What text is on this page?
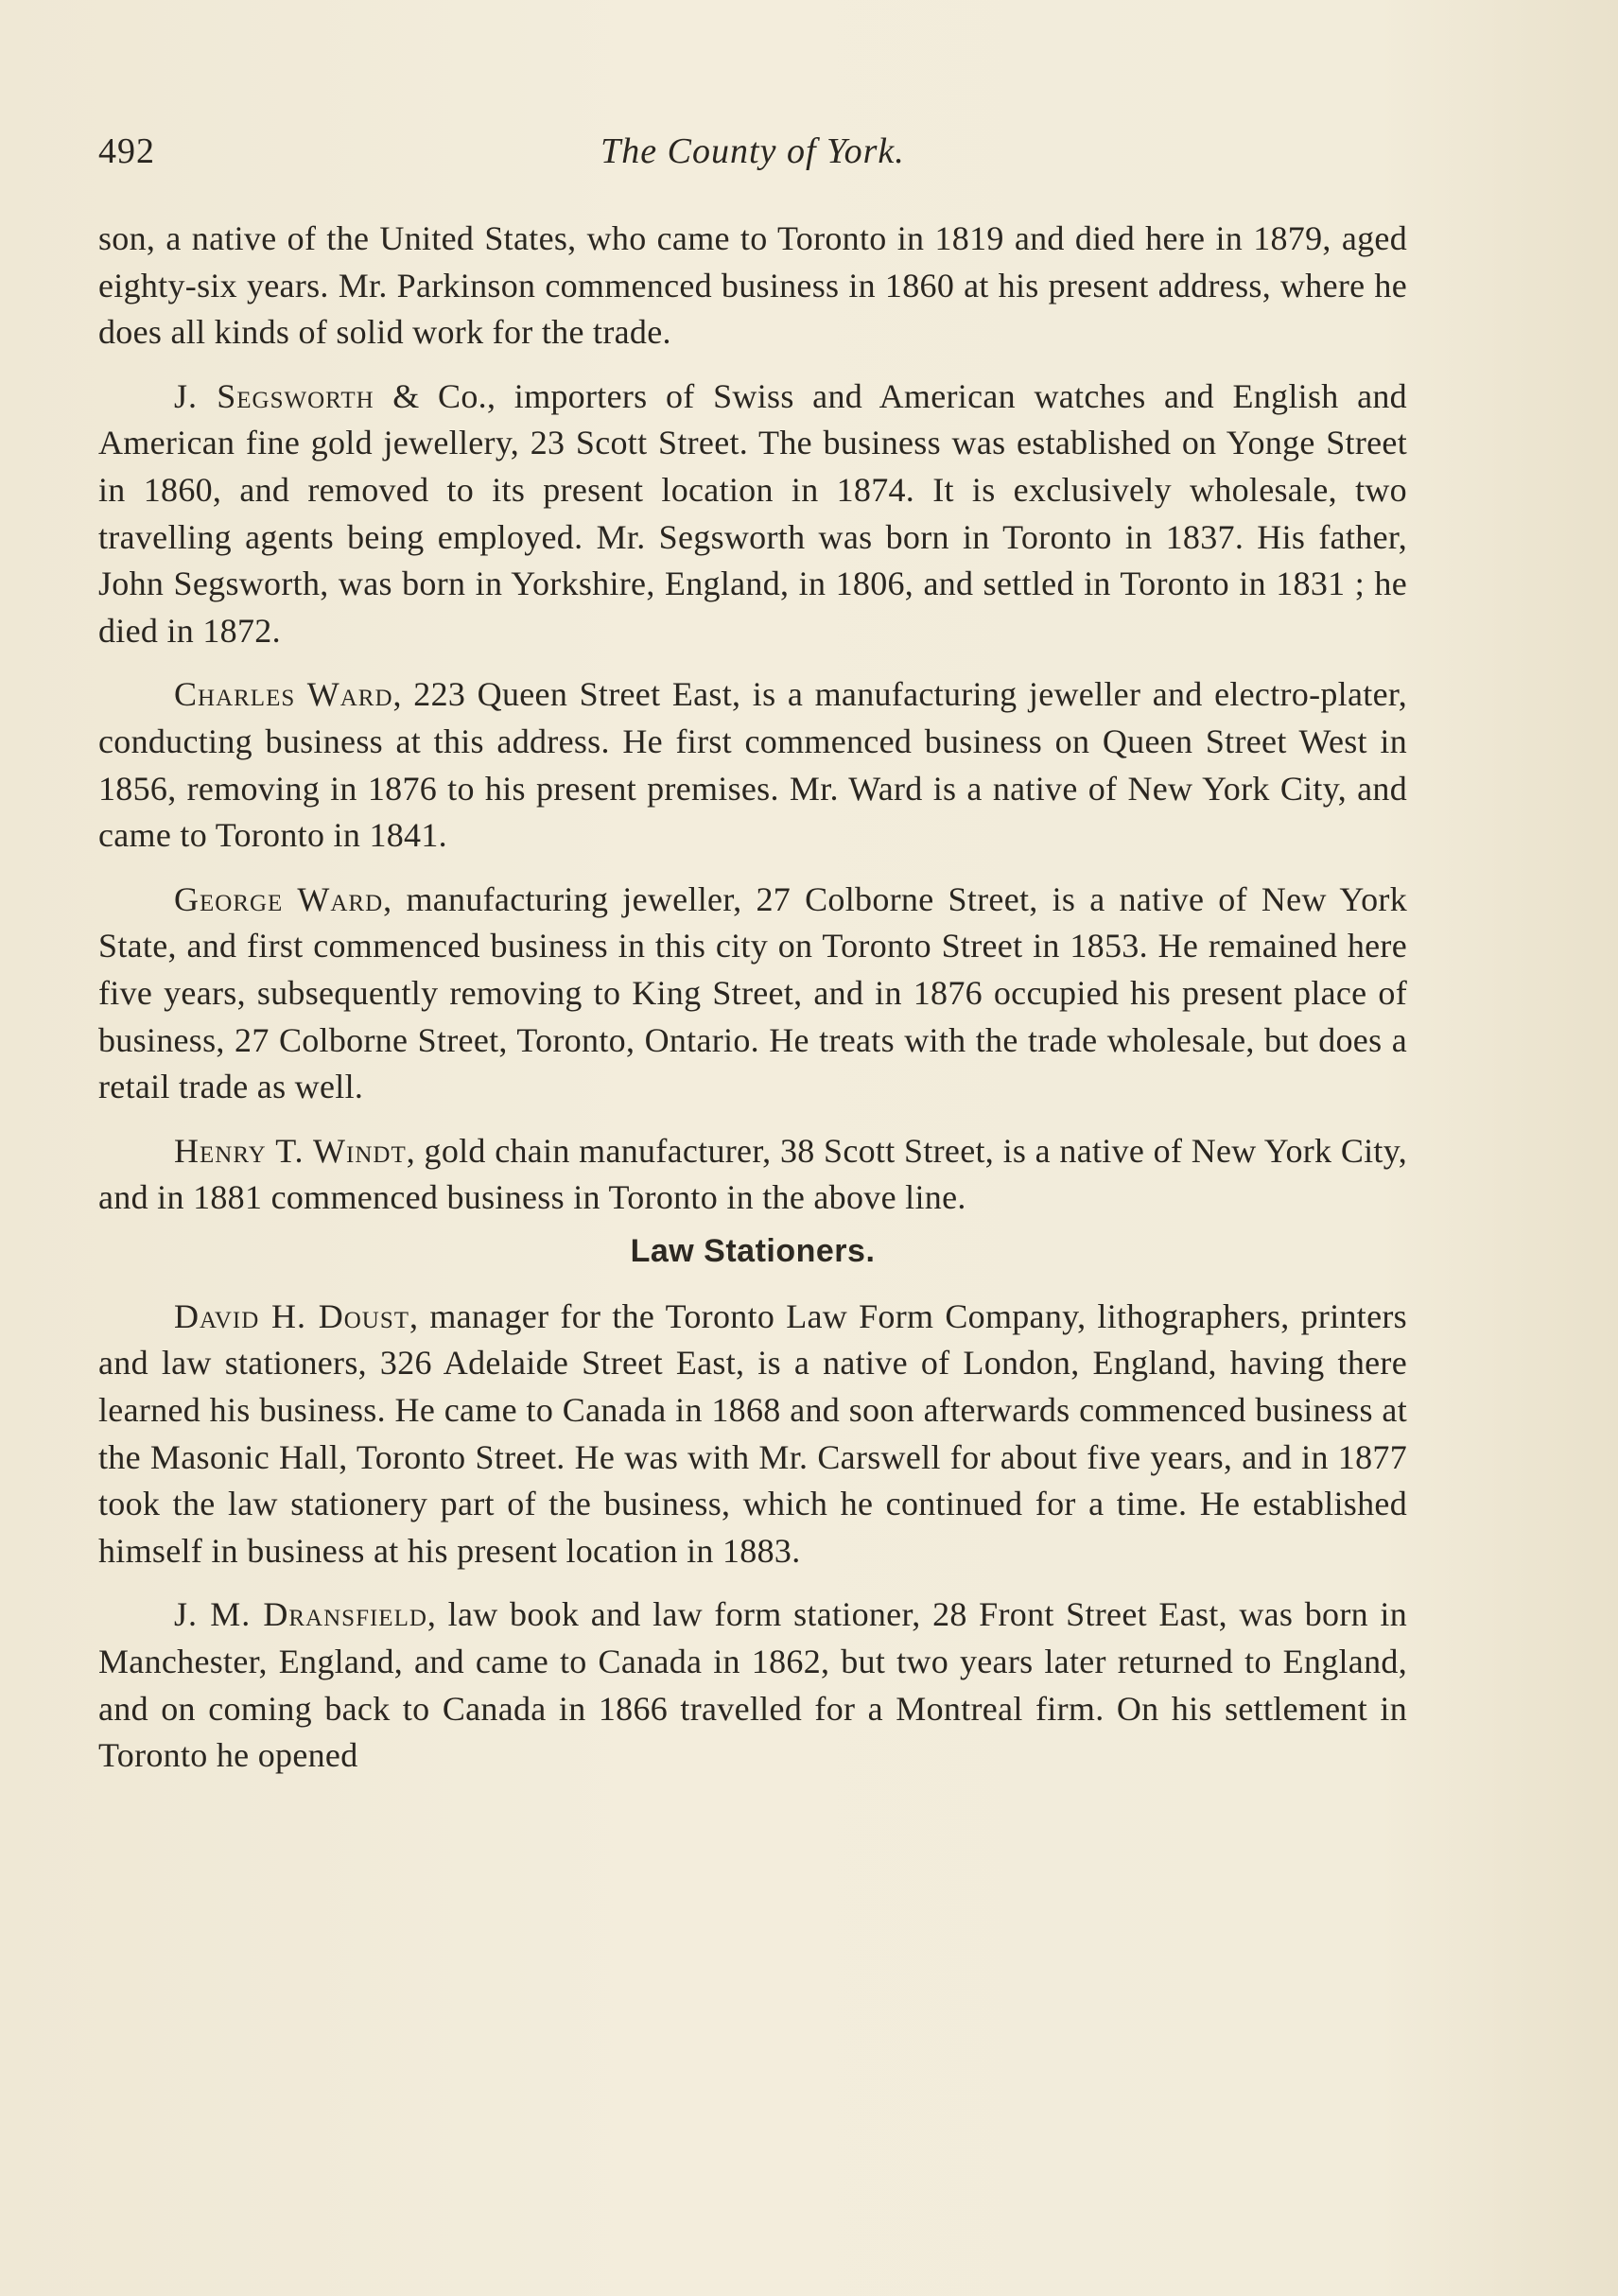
The County of York.
492

son, a native of the United States, who came to Toronto in 1819 and died here in 1879, aged eighty-six years. Mr. Parkinson commenced business in 1860 at his present address, where he does all kinds of solid work for the trade.

J. Segsworth & Co., importers of Swiss and American watches and English and American fine gold jewellery, 23 Scott Street. The business was established on Yonge Street in 1860, and removed to its present location in 1874. It is exclusively wholesale, two travelling agents being employed. Mr. Segsworth was born in Toronto in 1837. His father, John Segsworth, was born in Yorkshire, England, in 1806, and settled in Toronto in 1831 ; he died in 1872.

Charles Ward, 223 Queen Street East, is a manufacturing jeweller and electro-plater, conducting business at this address. He first commenced business on Queen Street West in 1856, removing in 1876 to his present premises. Mr. Ward is a native of New York City, and came to Toronto in 1841.

George Ward, manufacturing jeweller, 27 Colborne Street, is a native of New York State, and first commenced business in this city on Toronto Street in 1853. He remained here five years, subsequently removing to King Street, and in 1876 occupied his present place of business, 27 Colborne Street, Toronto, Ontario. He treats with the trade wholesale, but does a retail trade as well.

Henry T. Windt, gold chain manufacturer, 38 Scott Street, is a native of New York City, and in 1881 commenced business in Toronto in the above line.

Law Stationers.

David H. Doust, manager for the Toronto Law Form Company, lithographers, printers and law stationers, 326 Adelaide Street East, is a native of London, England, having there learned his business. He came to Canada in 1868 and soon afterwards commenced business at the Masonic Hall, Toronto Street. He was with Mr. Carswell for about five years, and in 1877 took the law stationery part of the business, which he continued for a time. He established himself in business at his present location in 1883.

J. M. Dransfield, law book and law form stationer, 28 Front Street East, was born in Manchester, England, and came to Canada in 1862, but two years later returned to England, and on coming back to Canada in 1866 travelled for a Montreal firm. On his settlement in Toronto he opened
